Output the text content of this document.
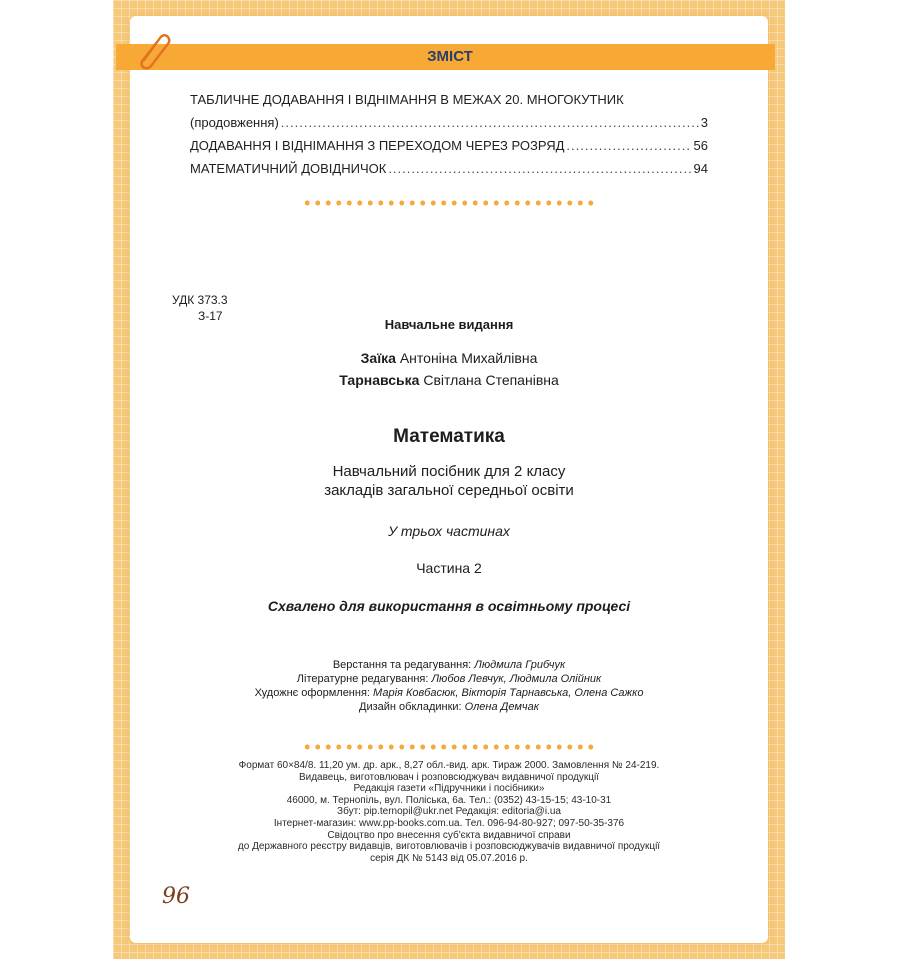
ЗМІСТ
ТАБЛИЧНЕ ДОДАВАННЯ І ВІДНІМАННЯ В МЕЖАХ 20. МНОГОКУТНИК
(продовження) .....	3
ДОДАВАННЯ І ВІДНІМАННЯ З ПЕРЕХОДОМ ЧЕРЕЗ РОЗРЯД .....	56
МАТЕМАТИЧНИЙ ДОВІДНИЧОК .....	94
УДК 373.3
З-17
Навчальне видання
Заїка Антоніна Михайлівна
Тарнавська Світлана Степанівна
Математика
Навчальний посібник для 2 класу
закладів загальної середньої освіти
У трьох частинах
Частина 2
Схвалено для використання в освітньому процесі
Верстання та редагування: Людмила Грибчук
Літературне редагування: Любов Левчук, Людмила Олійник
Художнє оформлення: Марія Ковбасюк, Вікторія Тарнавська, Олена Сажко
Дизайн обкладинки: Олена Демчак
Формат 60×84/8. 11,20 ум. др. арк., 8,27 обл.-вид. арк. Тираж 2000. Замовлення № 24-219.
Видавець, виготовлювач і розповсюджувач видавничої продукції
Редакція газети «Підручники і посібники»
46000, м. Тернопіль, вул. Поліська, 6а. Тел.: (0352) 43-15-15; 43-10-31
Збут: pip.ternopil@ukr.net Редакція: editoria@i.ua
Інтернет-магазин: www.pp-books.com.ua. Тел. 096-94-80-927; 097-50-35-376
Свідоцтво про внесення суб'єкта видавничої справи
до Державного реєстру видавців, виготовлювачів і розповсюджувачів видавничої продукції
серія ДК № 5143 від 05.07.2016 р.
96
